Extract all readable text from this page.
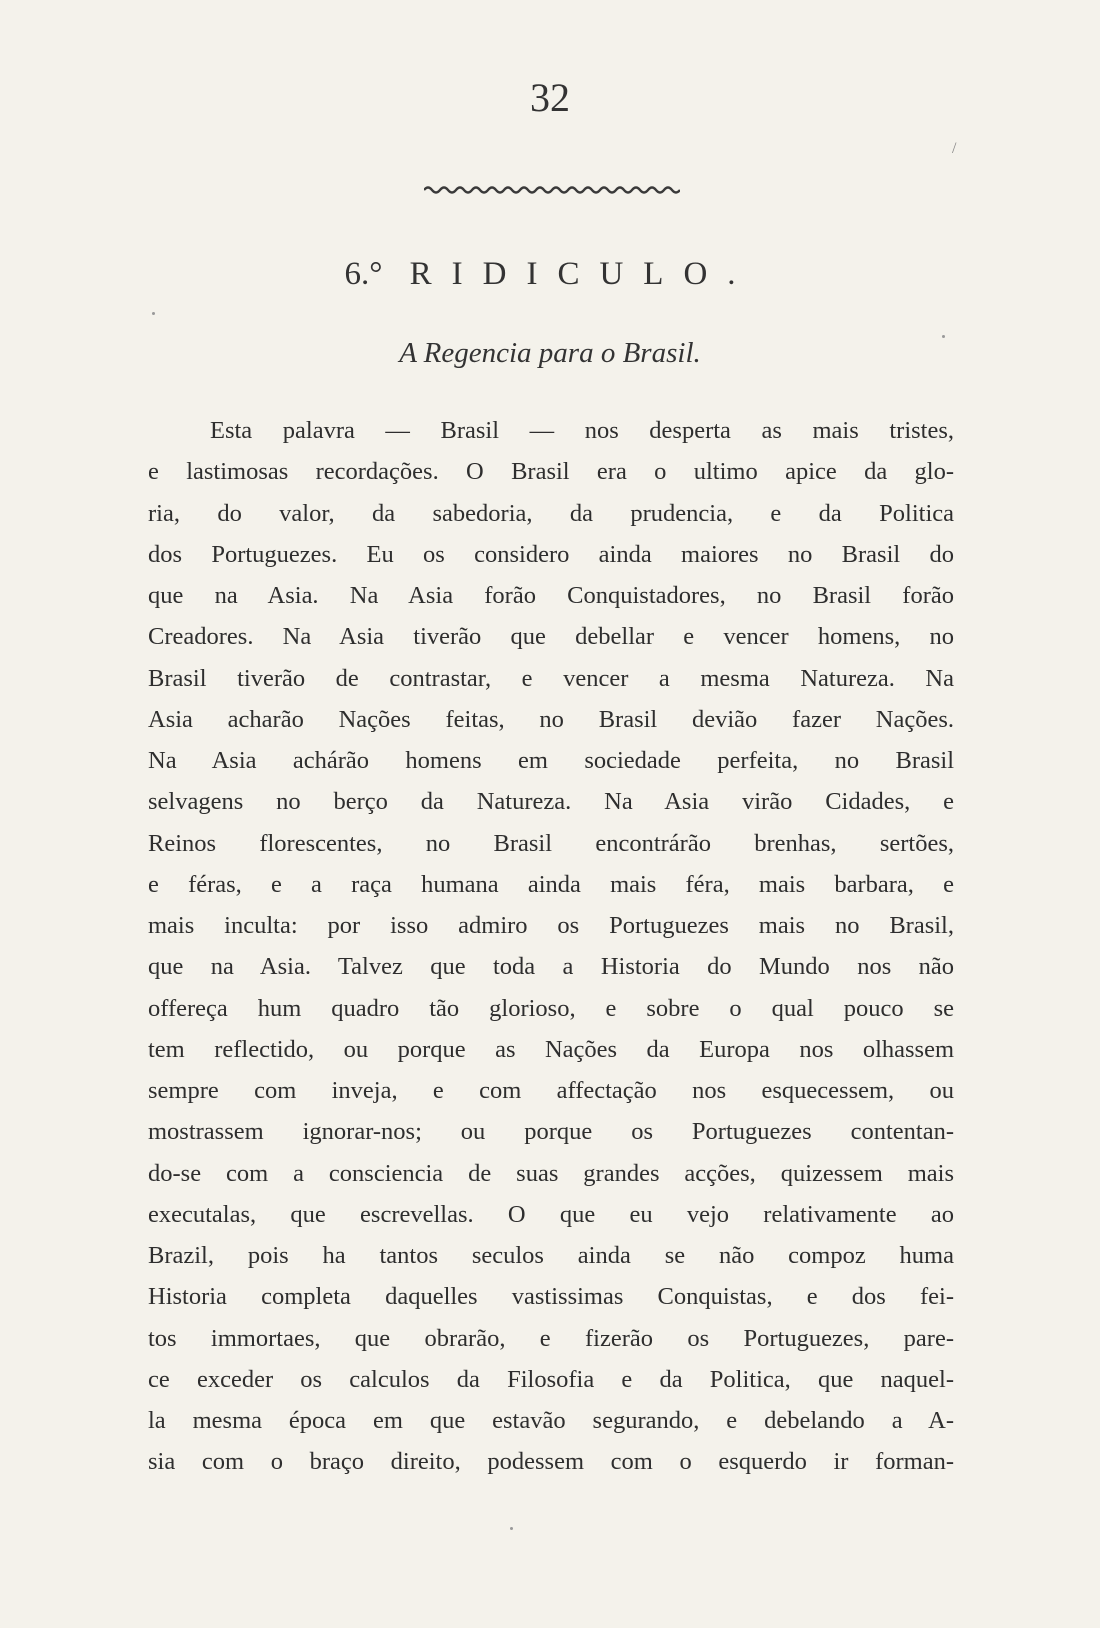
32
/
6.° RIDICULO.
A Regencia para o Brasil.
Esta palavra — Brasil — nos desperta as mais tristes,
e lastimosas recordações. O Brasil era o ultimo apice da glo-
ria, do valor, da sabedoria, da prudencia, e da Politica
dos Portuguezes. Eu os considero ainda maiores no Brasil do
que na Asia. Na Asia forão Conquistadores, no Brasil forão
Creadores. Na Asia tiverão que debellar e vencer homens, no
Brasil tiverão de contrastar, e vencer a mesma Natureza. Na
Asia acharão Nações feitas, no Brasil devião fazer Nações.
Na Asia achárão homens em sociedade perfeita, no Brasil
selvagens no berço da Natureza. Na Asia virão Cidades, e
Reinos florescentes, no Brasil encontrárão brenhas, sertões,
e féras, e a raça humana ainda mais féra, mais barbara, e
mais inculta: por isso admiro os Portuguezes mais no Brasil,
que na Asia. Talvez que toda a Historia do Mundo nos não
offereça hum quadro tão glorioso, e sobre o qual pouco se
tem reflectido, ou porque as Nações da Europa nos olhassem
sempre com inveja, e com affectação nos esquecessem, ou
mostrassem ignorar-nos; ou porque os Portuguezes contentan-
do-se com a consciencia de suas grandes acções, quizessem mais
executalas, que escrevellas. O que eu vejo relativamente ao
Brazil, pois ha tantos seculos ainda se não compoz huma
Historia completa daquelles vastissimas Conquistas, e dos fei-
tos immortaes, que obrarão, e fizerão os Portuguezes, pare-
ce exceder os calculos da Filosofia e da Politica, que naquel-
la mesma época em que estavão segurando, e debelando a A-
sia com o braço direito, podessem com o esquerdo ir forman-
